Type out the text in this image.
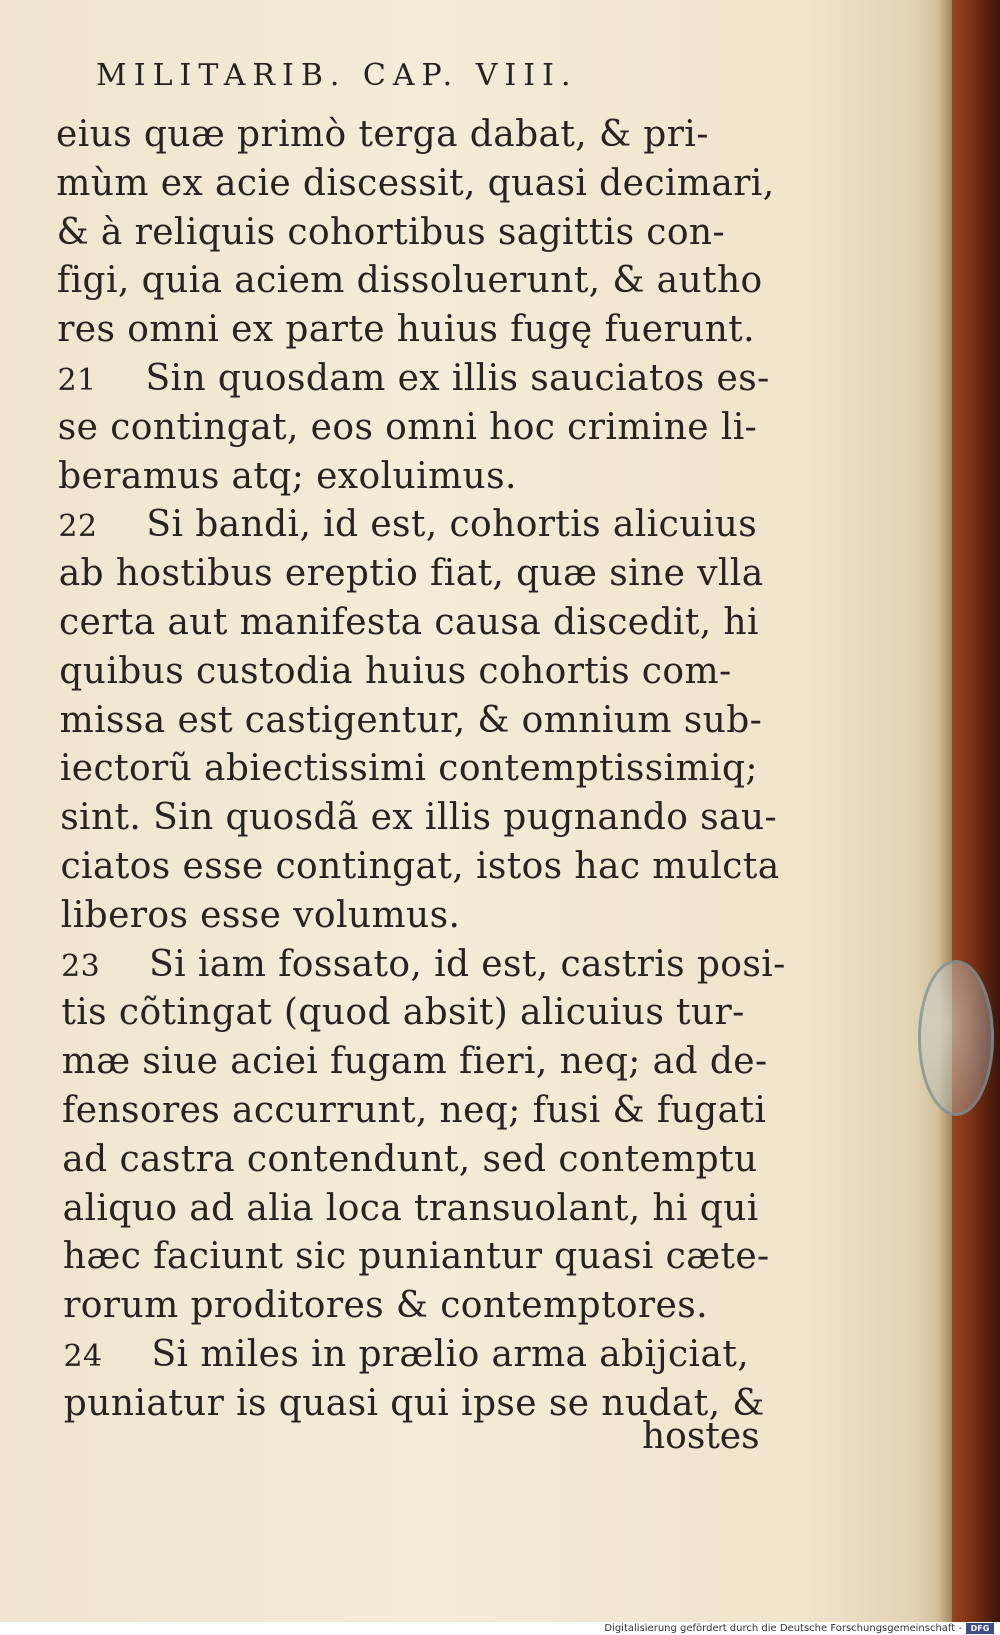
MILITARIB. CAP. VIII.
eius quæ primò terga dabat, & pri-
mùm ex acie discessit, quasi decimari,
& à reliquis cohortibus sagittis con-
figi, quia aciem dissoluerunt, & autho
res omni ex parte huius fugę fuerunt.
21 Sin quosdam ex illis sauciatos es-
se contingat, eos omni hoc crimine li-
beramus atq; exoluimus.
22 Si bandi, id est, cohortis alicuius
ab hostibus ereptio fiat, quæ sine vlla
certa aut manifesta causa discedit, hi
quibus custodia huius cohortis com-
missa est castigentur, & omnium sub-
iectorũ abiectissimi contemptissimiq;
sint. Sin quosdã ex illis pugnando sau-
ciatos esse contingat, istos hac mulcta
liberos esse volumus.
23 Si iam fossato, id est, castris posi-
tis cõtingat (quod absit) alicuius tur-
mæ siue aciei fugam fieri, neq; ad de-
fensores accurrunt, neq; fusi & fugati
ad castra contendunt, sed contemptu
aliquo ad alia loca transuolant, hi qui
hæc faciunt sic puniantur quasi cæte-
rorum proditores & contemptores.
24 Si miles in prælio arma abijciat,
puniatur is quasi qui ipse se nudat, &
hostes
Digitalisierung gefördert durch die Deutsche Forschungsgemeinschaft -	DFG
